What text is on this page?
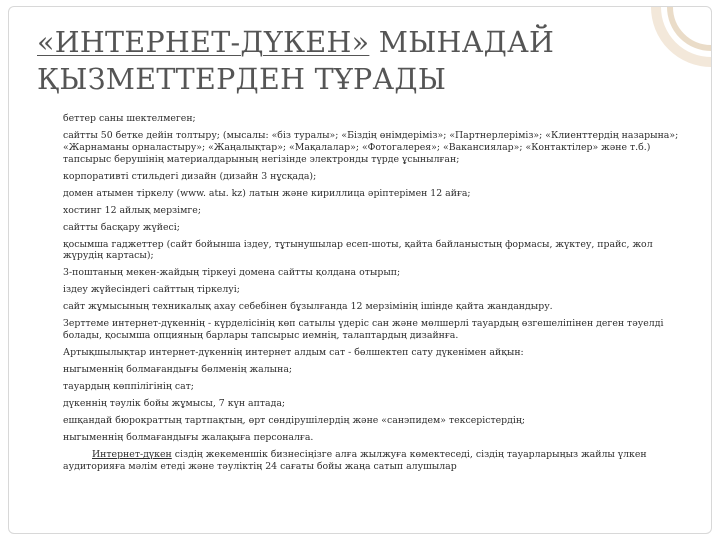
«ИНТЕРНЕТ-ДҮКЕН» МЫНАДАЙ ҚЫЗМЕТТЕРДЕН ТҰРАДЫ
беттер саны шектелмеген;
сайтты 50 бетке дейін толтыру; (мысалы: «біз туралы»; «Біздің өнімдеріміз»; «Партнерлеріміз»; «Клиенттердің назарына»; «Жарнаманы орналастыру»; «Жаңалықтар»; «Мақалалар»; «Фотогалерея»; «Вакансиялар»; «Контактілер» және т.б.) тапсырыс берушінің материалдарының негізінде электронды түрде ұсынылған;
корпоративті стильдегі дизайн (дизайн 3 нұсқада);
домен атымен тіркелу (www. atы. kz) латын және кириллица әріптерімен 12 айға;
хостинг 12 айлық мерзімге;
сайтты басқару жүйесі;
қосымша гаджеттер (сайт бойынша іздеу, тұтынушылар есеп-шоты, қайта байланыстың формасы, жүктеу, прайс, жол жүрудің картасы);
3-поштаның мекен-жайдың тіркеуі домена сайтты қолдана отырып;
іздеу жүйесіндегі сайттың тіркелуі;
сайт жұмысының техникалық ахау себебінен бұзылғанда 12 мерзімінің ішінде қайта жандандыру.
Зерттеме интернет-дүкеннің - күрделісінің көп сатылы үдеріс сан және мөлшерлі тауардың өзгешеліпінен деген тәуелді болады, қосымша опцияның барлары тапсырыс иемнің, талаптардың дизайнға.
Артықшылықтар интернет-дүкеннің интернет алдым сат - бөлшектеп сату дүкенімен айқын:
ныгыменнің болмағандығы бөлменің жалына;
тауардың көппілігінің сат;
дүкеннің тәулік бойы жұмысы, 7 күн аптада;
ешқандай бюрократтың тартпақтың, өрт сөндірушілердің және «санэпидем» тексерістердің;
ныгыменнің болмағандығы жалақыға персоналға.
Интернет-дүкен сіздің жекеменшік бизнесіңізге алға жылжуға көмектеседі, сіздің тауарларыңыз жайлы үлкен аудиторияға мәлім етеді және тәуліктің 24 сағаты бойы жаңа сатып алушылар
